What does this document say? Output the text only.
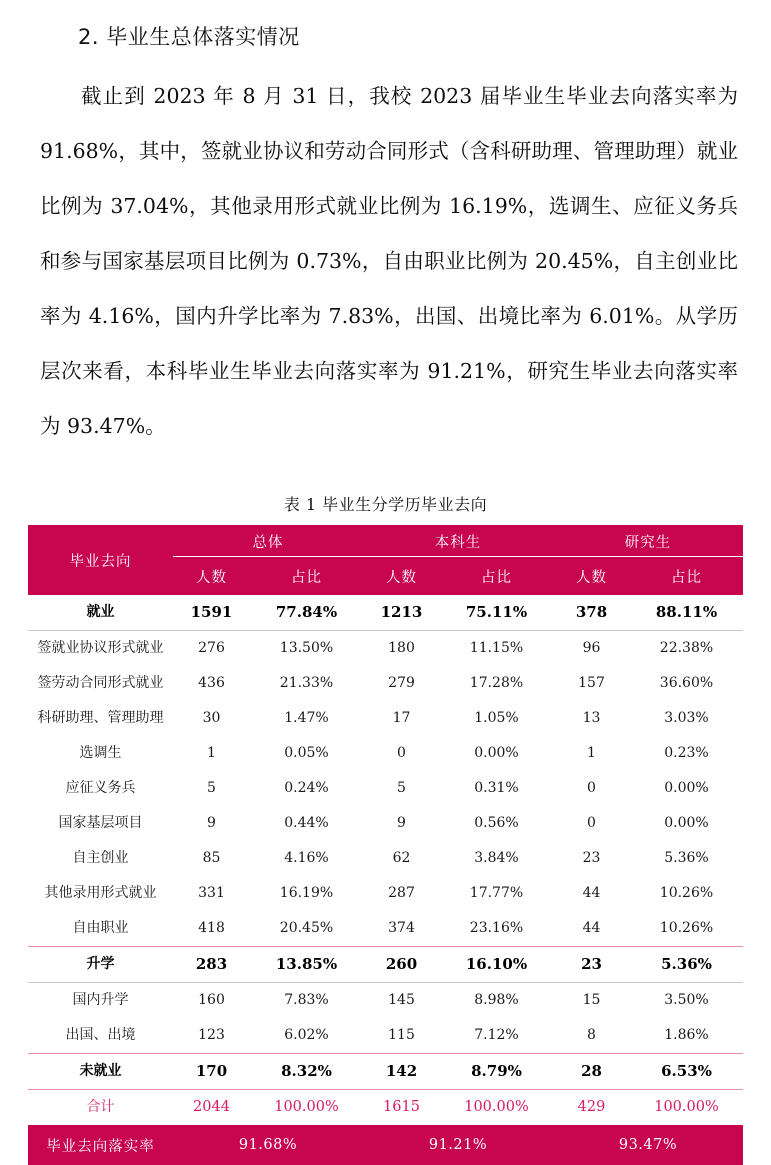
2. 毕业生总体落实情况

截止到 2023 年 8 月 31 日，我校 2023 届毕业生毕业去向落实率为 91.68%，其中，签就业协议和劳动合同形式（含科研助理、管理助理）就业比例为 37.04%，其他录用形式就业比例为 16.19%，选调生、应征义务兵和参与国家基层项目比例为 0.73%，自由职业比例为 20.45%，自主创业比率为 4.16%，国内升学比率为 7.83%，出国、出境比率为 6.01%。从学历层次来看，本科毕业生毕业去向落实率为 91.21%，研究生毕业去向落实率为 93.47%。

表 1 毕业生分学历毕业去向
毕业去向	总体		本科生		研究生	

	人数	占比	人数	占比	人数	占比
就业	1591	77.84%	1213	75.11%	378	88.11%
签就业协议形式就业	276	13.50%	180	11.15%	96	22.38%
签劳动合同形式就业	436	21.33%	279	17.28%	157	36.60%
科研助理、管理助理	30	1.47%	17	1.05%	13	3.03%
选调生	1	0.05%	0	0.00%	1	0.23%
应征义务兵	5	0.24%	5	0.31%	0	0.00%
国家基层项目	9	0.44%	9	0.56%	0	0.00%
自主创业	85	4.16%	62	3.84%	23	5.36%
其他录用形式就业	331	16.19%	287	17.77%	44	10.26%
自由职业	418	20.45%	374	23.16%	44	10.26%
升学	283	13.85%	260	16.10%	23	5.36%
国内升学	160	7.83%	145	8.98%	15	3.50%
出国、出境	123	6.02%	115	7.12%	8	1.86%
未就业	170	8.32%	142	8.79%	28	6.53%
合计	2044	100.00%	1615	100.00%	429	100.00%
毕业去向落实率	91.68%	91.21%	93.47%
